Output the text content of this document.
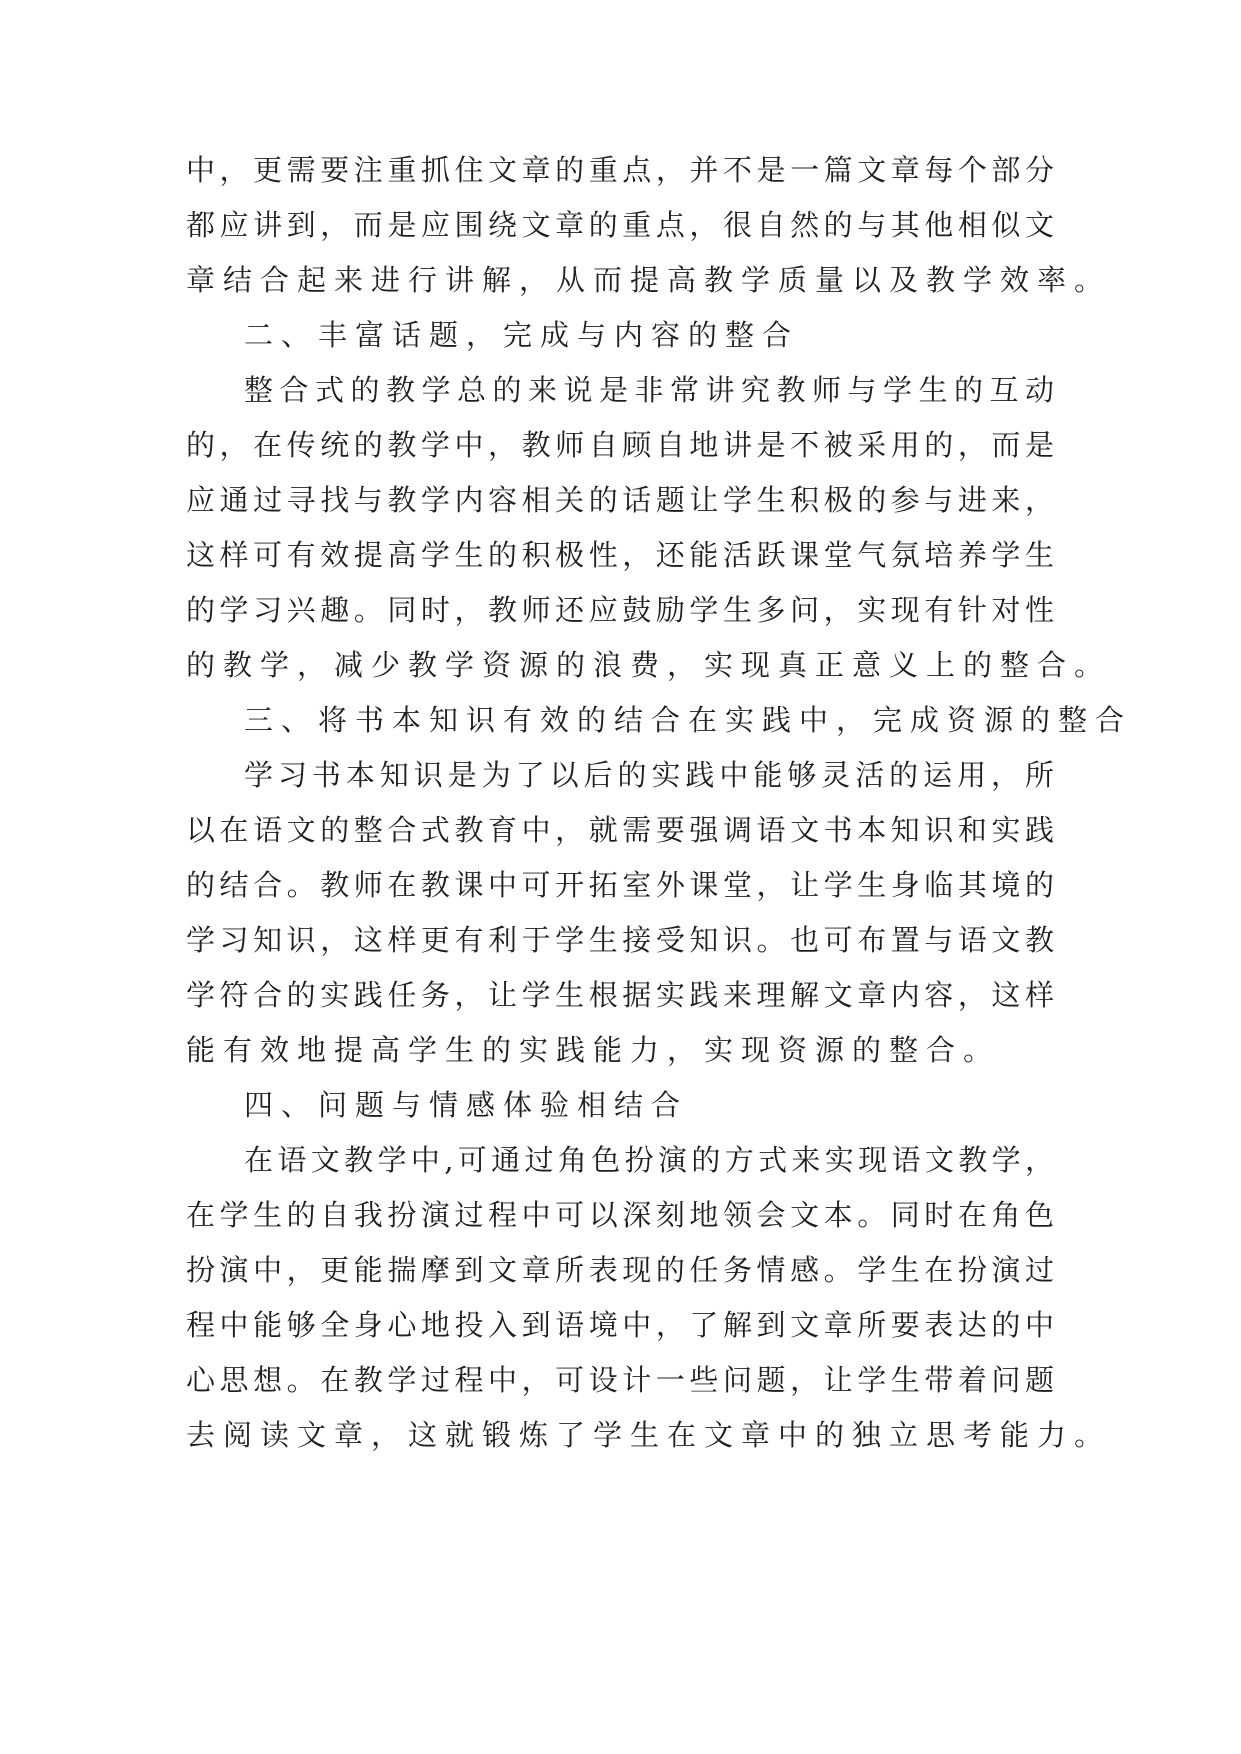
中，更需要注重抓住文章的重点，并不是一篇文章每个部分
都应讲到，而是应围绕文章的重点，很自然的与其他相似文
章结合起来进行讲解，从而提高教学质量以及教学效率。
二、丰富话题，完成与内容的整合
整合式的教学总的来说是非常讲究教师与学生的互动
的，在传统的教学中，教师自顾自地讲是不被采用的，而是
应通过寻找与教学内容相关的话题让学生积极的参与进来，
这样可有效提高学生的积极性，还能活跃课堂气氛培养学生
的学习兴趣。同时，教师还应鼓励学生多问，实现有针对性
的教学，减少教学资源的浪费，实现真正意义上的整合。
三、将书本知识有效的结合在实践中，完成资源的整合
学习书本知识是为了以后的实践中能够灵活的运用，所
以在语文的整合式教育中，就需要强调语文书本知识和实践
的结合。教师在教课中可开拓室外课堂，让学生身临其境的
学习知识，这样更有利于学生接受知识。也可布置与语文教
学符合的实践任务，让学生根据实践来理解文章内容，这样
能有效地提高学生的实践能力，实现资源的整合。
四、问题与情感体验相结合
在语文教学中,可通过角色扮演的方式来实现语文教学，
在学生的自我扮演过程中可以深刻地领会文本。同时在角色
扮演中，更能揣摩到文章所表现的任务情感。学生在扮演过
程中能够全身心地投入到语境中，了解到文章所要表达的中
心思想。在教学过程中，可设计一些问题，让学生带着问题
去阅读文章，这就锻炼了学生在文章中的独立思考能力。
